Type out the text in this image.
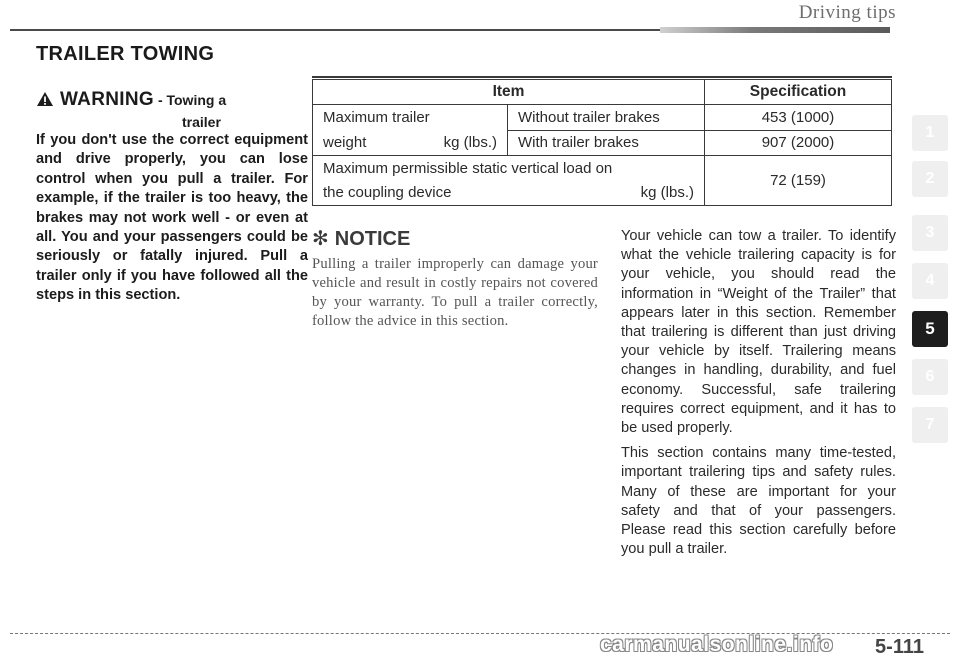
Driving tips
TRAILER TOWING
WARNING - Towing a
trailer
If you don't use the correct equipment and drive properly, you can lose control when you pull a trailer. For example, if the trailer is too heavy, the brakes may not work well - or even at all. You and your passengers could be seriously or fatally injured. Pull a trailer only if you have followed all the steps in this section.
Item		Specification
Maximum trailer	Without trailer brakes	453 (1000)

weight kg (lbs.)	With trailer brakes	907 (2000)
Maximum permissible static vertical load on		72 (159)

the coupling device kg (lbs.)		
✻ NOTICE
Pulling a trailer improperly can damage your vehicle and result in costly repairs not covered by your warranty. To pull a trailer correctly, follow the advice in this section.

Your vehicle can tow a trailer. To identify what the vehicle trailering capacity is for your vehicle, you should read the information in “Weight of the Trailer” that appears later in this section. Remember that trailering is different than just driving your vehicle by itself. Trailering means changes in handling, durability, and fuel economy. Successful, safe trailering requires correct equipment, and it has to be used properly.

This section contains many time-tested, important trailering tips and safety rules. Many of these are important for your safety and that of your passengers. Please read this section carefully before you pull a trailer.

1
2
3
4
5
6
7
carmanualsonline.info 5-111
